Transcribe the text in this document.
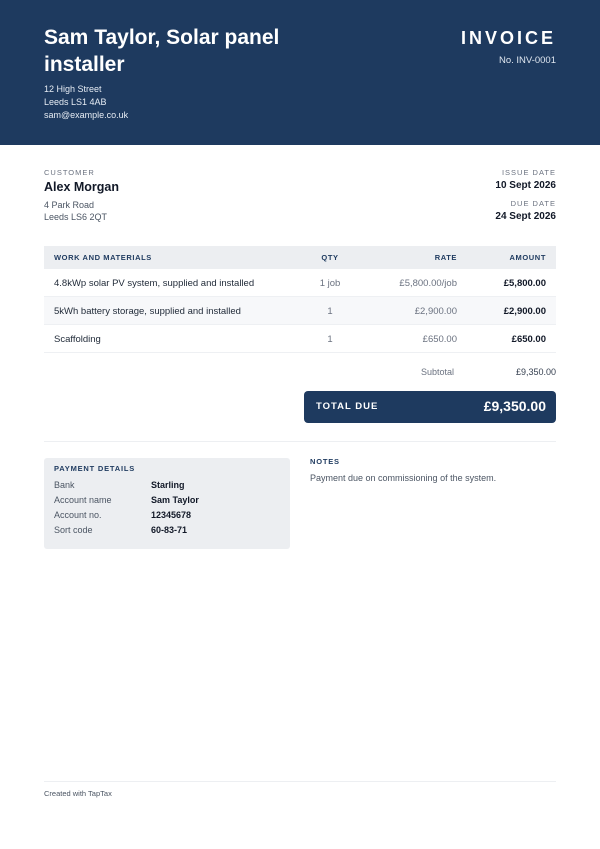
Sam Taylor, Solar panel installer
12 High Street
Leeds LS1 4AB
sam@example.co.uk
INVOICE
No. INV-0001
CUSTOMER
Alex Morgan
4 Park Road
Leeds LS6 2QT
ISSUE DATE
10 Sept 2026
DUE DATE
24 Sept 2026
WORK AND MATERIALS	QTY	RATE	AMOUNT
4.8kWp solar PV system, supplied and installed	1 job	£5,800.00/job	£5,800.00
5kWh battery storage, supplied and installed	1	£2,900.00	£2,900.00
Scaffolding	1	£650.00	£650.00
Subtotal	£9,350.00
TOTAL DUE	£9,350.00
PAYMENT DETAILS
Bank	Starling
Account name	Sam Taylor
Account no.	12345678
Sort code	60-83-71
NOTES
Payment due on commissioning of the system.
Created with TapTax
